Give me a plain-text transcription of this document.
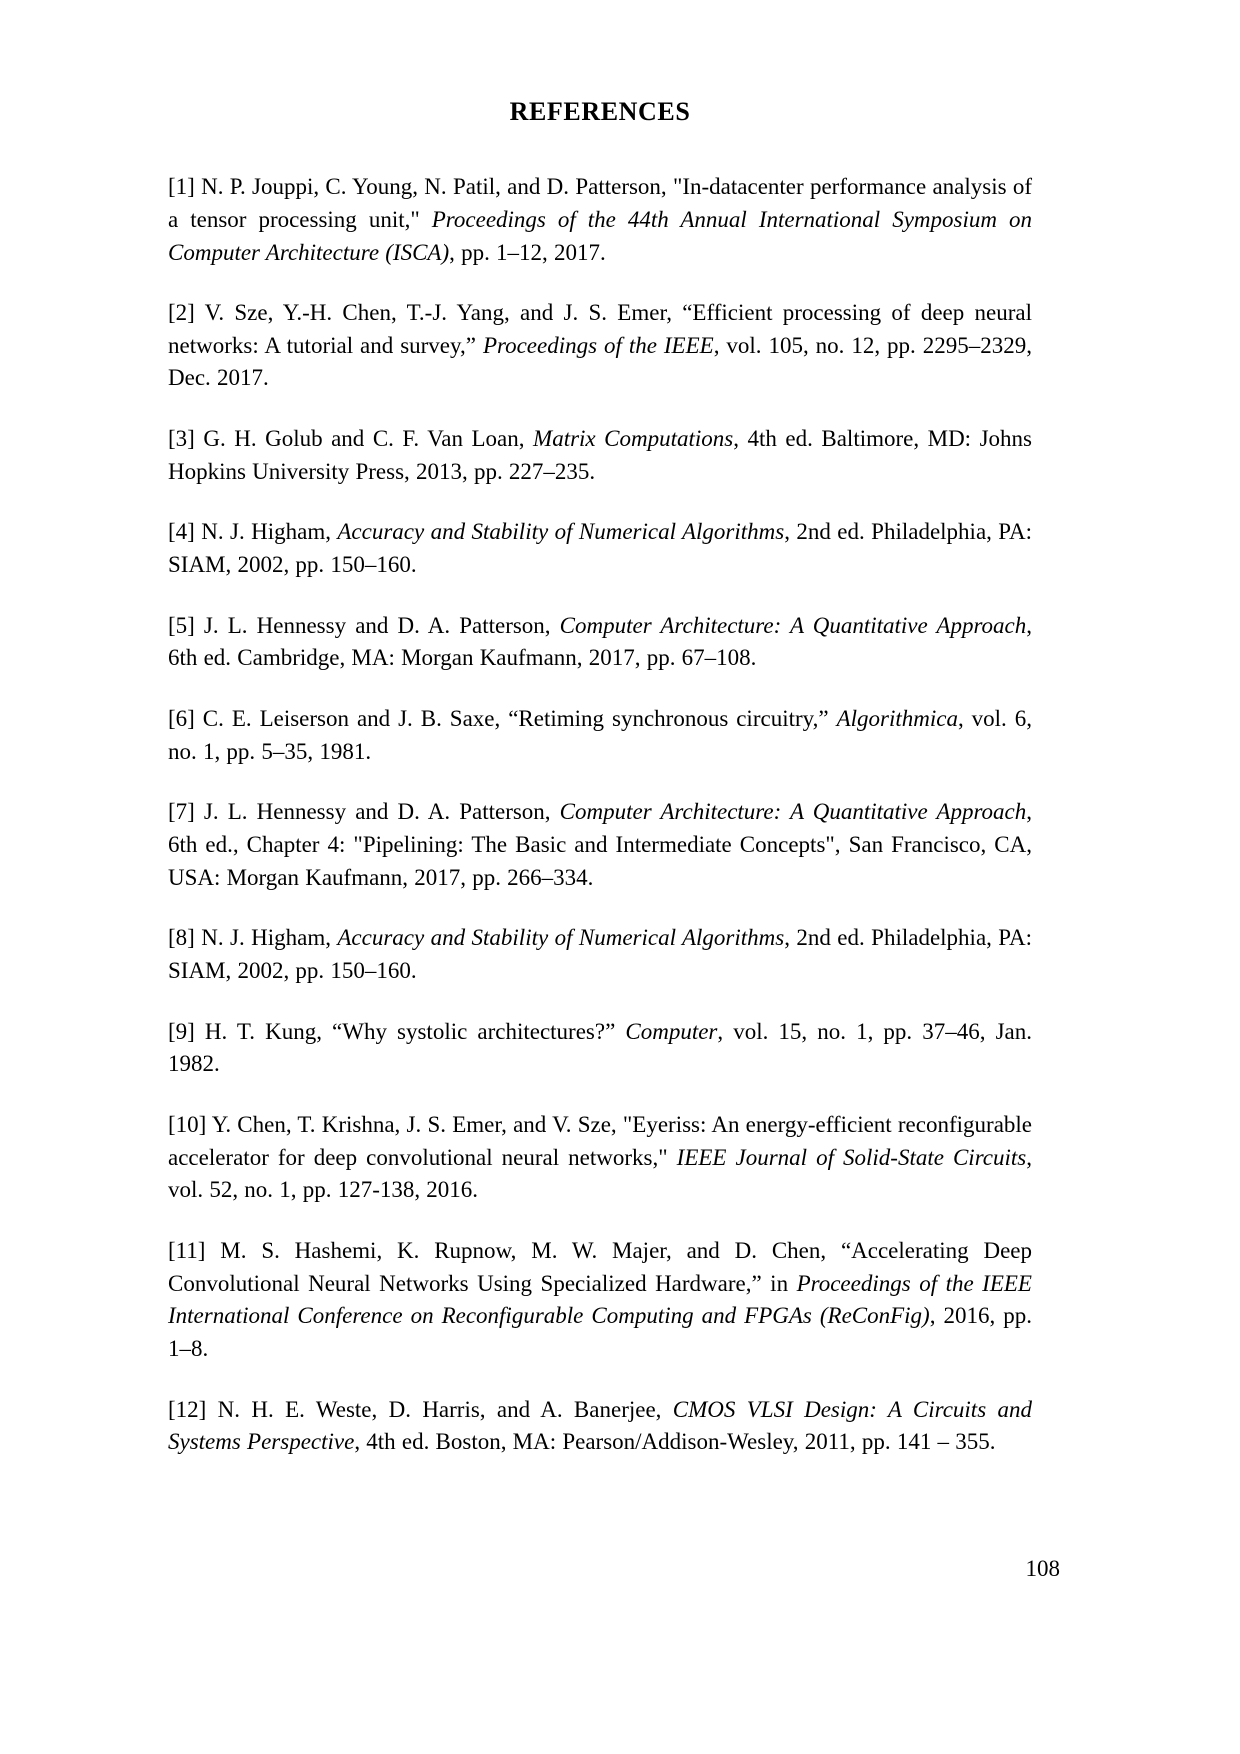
REFERENCES
[1] N. P. Jouppi, C. Young, N. Patil, and D. Patterson, "In-datacenter performance analysis of a tensor processing unit," Proceedings of the 44th Annual International Symposium on Computer Architecture (ISCA), pp. 1–12, 2017.
[2] V. Sze, Y.-H. Chen, T.-J. Yang, and J. S. Emer, “Efficient processing of deep neural networks: A tutorial and survey,” Proceedings of the IEEE, vol. 105, no. 12, pp. 2295–2329, Dec. 2017.
[3] G. H. Golub and C. F. Van Loan, Matrix Computations, 4th ed. Baltimore, MD: Johns Hopkins University Press, 2013, pp. 227–235.
[4] N. J. Higham, Accuracy and Stability of Numerical Algorithms, 2nd ed. Philadelphia, PA: SIAM, 2002, pp. 150–160.
[5] J. L. Hennessy and D. A. Patterson, Computer Architecture: A Quantitative Approach, 6th ed. Cambridge, MA: Morgan Kaufmann, 2017, pp. 67–108.
[6] C. E. Leiserson and J. B. Saxe, “Retiming synchronous circuitry,” Algorithmica, vol. 6, no. 1, pp. 5–35, 1981.
[7] J. L. Hennessy and D. A. Patterson, Computer Architecture: A Quantitative Approach, 6th ed., Chapter 4: "Pipelining: The Basic and Intermediate Concepts", San Francisco, CA, USA: Morgan Kaufmann, 2017, pp. 266–334.
[8] N. J. Higham, Accuracy and Stability of Numerical Algorithms, 2nd ed. Philadelphia, PA: SIAM, 2002, pp. 150–160.
[9] H. T. Kung, “Why systolic architectures?” Computer, vol. 15, no. 1, pp. 37–46, Jan. 1982.
[10] Y. Chen, T. Krishna, J. S. Emer, and V. Sze, "Eyeriss: An energy-efficient reconfigurable accelerator for deep convolutional neural networks," IEEE Journal of Solid-State Circuits, vol. 52, no. 1, pp. 127-138, 2016.
[11] M. S. Hashemi, K. Rupnow, M. W. Majer, and D. Chen, “Accelerating Deep Convolutional Neural Networks Using Specialized Hardware,” in Proceedings of the IEEE International Conference on Reconfigurable Computing and FPGAs (ReConFig), 2016, pp. 1–8.
[12] N. H. E. Weste, D. Harris, and A. Banerjee, CMOS VLSI Design: A Circuits and Systems Perspective, 4th ed. Boston, MA: Pearson/Addison-Wesley, 2011, pp. 141 – 355.
108
